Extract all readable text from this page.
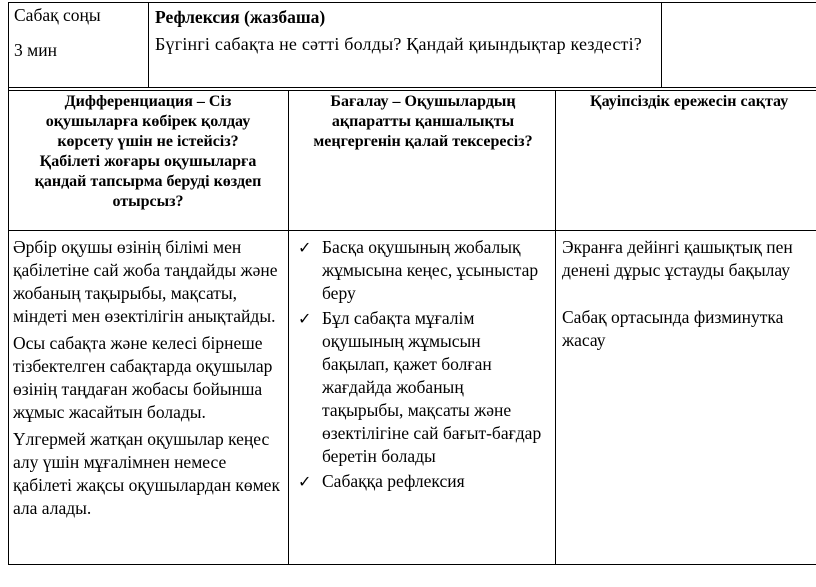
Сабақ соңы

3 мин

Рефлексия (жазбаша)

Бүгінгі сабақта не сәтті болды? Қандай қиындықтар кездесті?

Дифференциация – Сіз оқушыларға көбірек қолдау көрсету үшін не істейсіз? Қабілеті жоғары оқушыларға қандай тапсырма беруді көздеп отырсыз?
Бағалау – Оқушылардың ақпаратты қаншалықты меңгергенін қалай тексересіз?
Қауіпсіздік ережесін сақтау

Әрбір оқушы өзінің білімі мен қабілетіне сай жоба таңдайды және жобаның тақырыбы, мақсаты, міндеті мен өзектілігін анықтайды.

Осы сабақта және келесі бірнеше тізбектелген сабақтарда оқушылар өзінің таңдаған жобасы бойынша жұмыс жасайтын болады.

Үлгермей жатқан оқушылар кеңес алу үшін мұғалімнен немесе қабілеті жақсы оқушылардан көмек ала алады.

✓ Басқа оқушының жобалық жұмысына кеңес, ұсыныстар беру
✓ Бұл сабақта мұғалім оқушының жұмысын бақылап, қажет болған жағдайда жобаның тақырыбы, мақсаты және өзектілігіне сай бағыт-бағдар беретін болады
✓ Сабаққа рефлексия

Экранға дейінгі қашықтық пен денені дұрыс ұстауды бақылау

Сабақ ортасында физминутка жасау
